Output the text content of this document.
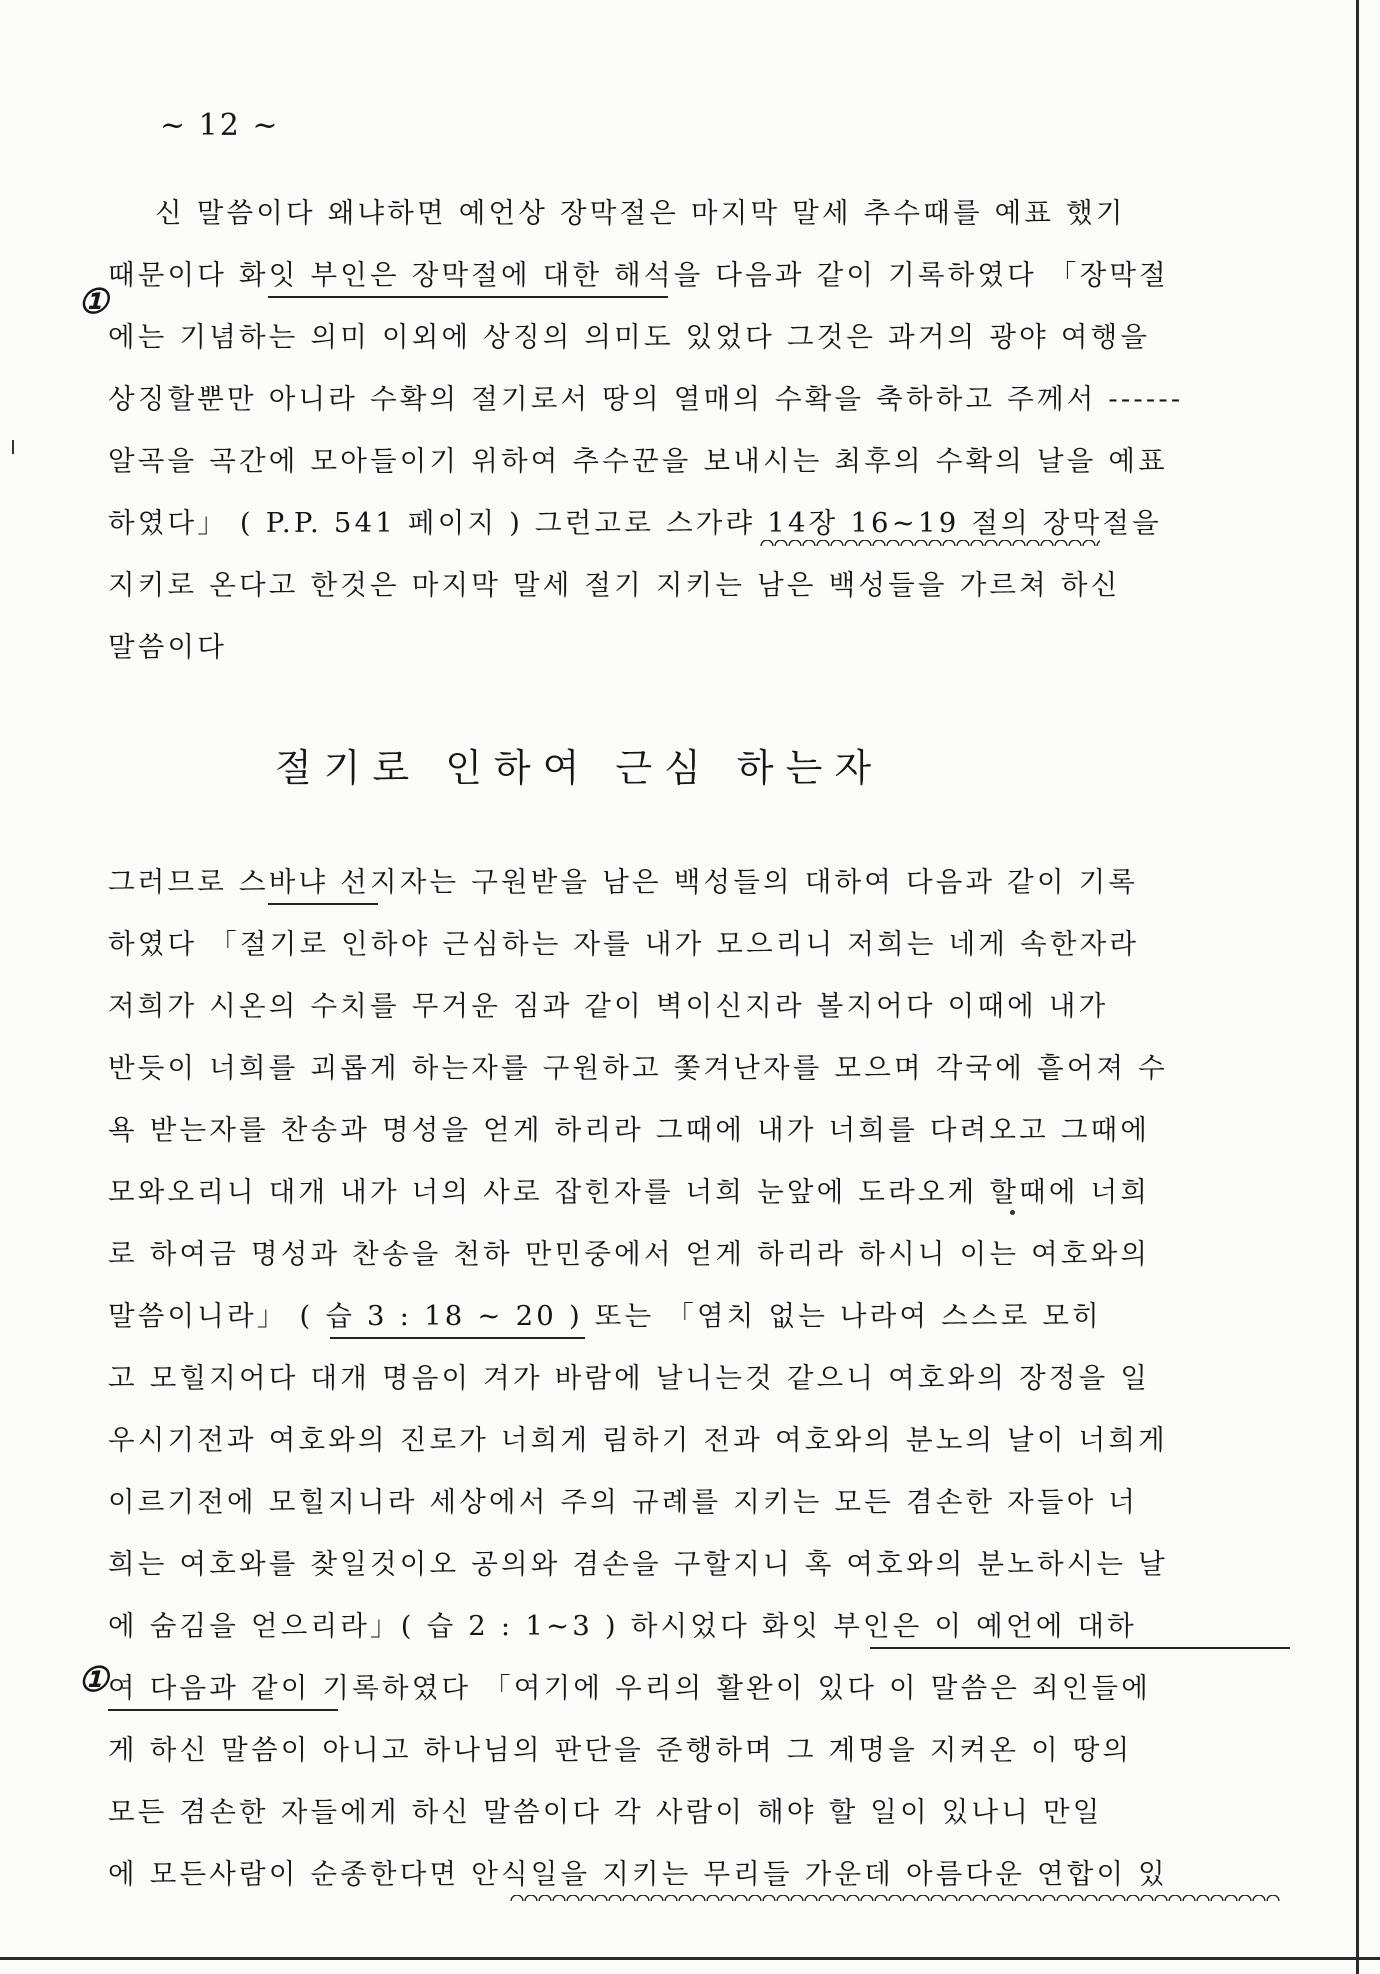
~ 12 ~
①
①
신 말씀이다 왜냐하면 예언상 장막절은 마지막 말세 추수때를 예표 했기
때문이다 화잇 부인은 장막절에 대한 해석을 다음과 같이 기록하였다 「장막절
에는 기념하는 의미 이외에 상징의 의미도 있었다 그것은 과거의 광야 여행을
상징할뿐만 아니라 수확의 절기로서 땅의 열매의 수확을 축하하고 주께서 ------
알곡을 곡간에 모아들이기 위하여 추수꾼을 보내시는 최후의 수확의 날을 예표
하였다」 ( P.P. 541 페이지 ) 그런고로 스가랴 14장 16~19 절의 장막절을
지키로 온다고 한것은 마지막 말세 절기 지키는 남은 백성들을 가르쳐 하신
말씀이다
절기로 인하여 근심 하는자
그러므로 스바냐 선지자는 구원받을 남은 백성들의 대하여 다음과 같이 기록
하였다 「절기로 인하야 근심하는 자를 내가 모으리니 저희는 네게 속한자라
저희가 시온의 수치를 무거운 짐과 같이 벽이신지라 볼지어다 이때에 내가
반듯이 너희를 괴롭게 하는자를 구원하고 쫓겨난자를 모으며 각국에 흩어져 수
욕 받는자를 찬송과 명성을 얻게 하리라 그때에 내가 너희를 다려오고 그때에
모와오리니 대개 내가 너의 사로 잡힌자를 너희 눈앞에 도라오게 할때에 너희
로 하여금 명성과 찬송을 천하 만민중에서 얻게 하리라 하시니 이는 여호와의
말씀이니라」 ( 습 3 : 18 ~ 20 ) 또는 「염치 없는 나라여 스스로 모히
고 모힐지어다 대개 명음이 겨가 바람에 날니는것 같으니 여호와의 장정을 일
우시기전과 여호와의 진로가 너희게 림하기 전과 여호와의 분노의 날이 너희게
이르기전에 모힐지니라 세상에서 주의 규례를 지키는 모든 겸손한 자들아 너
희는 여호와를 찾일것이오 공의와 겸손을 구할지니 혹 여호와의 분노하시는 날
에 숨김을 얻으리라」( 습 2 : 1~3 ) 하시었다 화잇 부인은 이 예언에 대하
여 다음과 같이 기록하였다 「여기에 우리의 활완이 있다 이 말씀은 죄인들에
게 하신 말씀이 아니고 하나님의 판단을 준행하며 그 계명을 지켜온 이 땅의
모든 겸손한 자들에게 하신 말씀이다 각 사람이 해야 할 일이 있나니 만일
에 모든사람이 순종한다면 안식일을 지키는 무리들 가운데 아름다운 연합이 있
